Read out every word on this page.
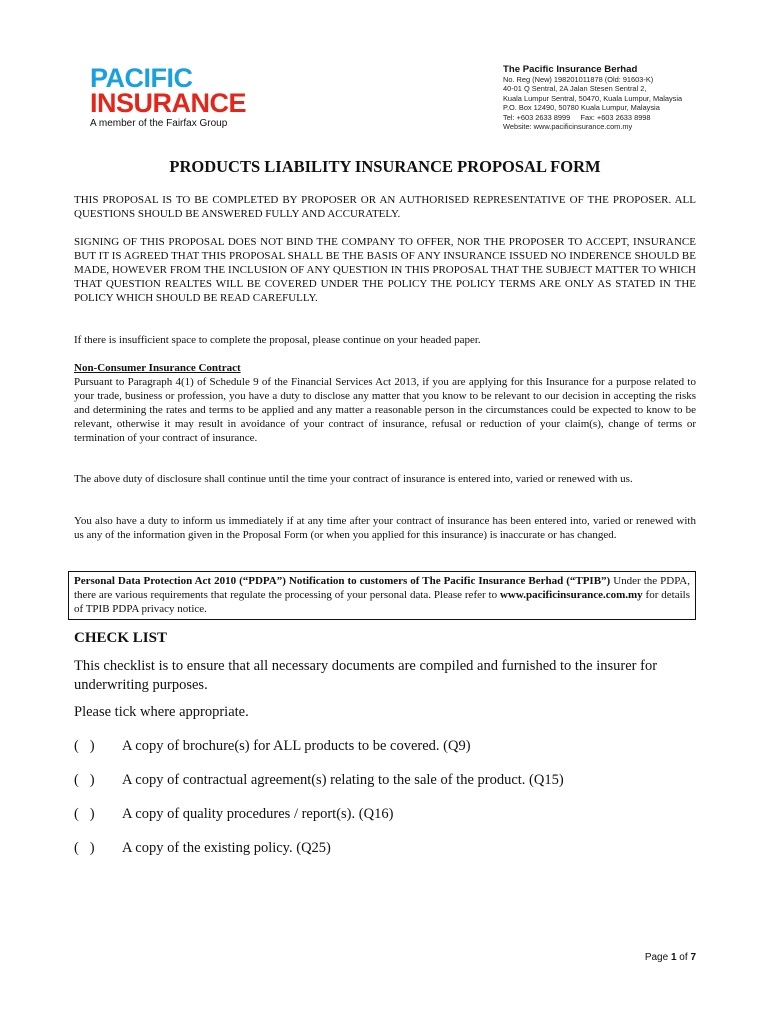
PACIFIC
INSURANCE
A member of the Fairfax Group
The Pacific Insurance Berhad
No. Reg (New) 198201011878 (Old: 91603-K)
40-01 Q Sentral, 2A Jalan Stesen Sentral 2,
Kuala Lumpur Sentral, 50470, Kuala Lumpur, Malaysia
P.O. Box 12490, 50780 Kuala Lumpur, Malaysia
Tel: +603 2633 8999     Fax: +603 2633 8998
Website: www.pacificinsurance.com.my
PRODUCTS LIABILITY INSURANCE PROPOSAL FORM
THIS PROPOSAL IS TO BE COMPLETED BY PROPOSER OR AN AUTHORISED REPRESENTATIVE OF THE PROPOSER. ALL QUESTIONS SHOULD BE ANSWERED FULLY AND ACCURATELY.
SIGNING OF THIS PROPOSAL DOES NOT BIND THE COMPANY TO OFFER, NOR THE PROPOSER TO ACCEPT, INSURANCE BUT IT IS AGREED THAT THIS PROPOSAL SHALL BE THE BASIS OF ANY INSURANCE ISSUED NO INDERENCE SHOULD BE MADE, HOWEVER FROM THE INCLUSION OF ANY QUESTION IN THIS PROPOSAL THAT THE SUBJECT MATTER TO WHICH THAT QUESTION REALTES WILL BE COVERED UNDER THE POLICY THE POLICY TERMS ARE ONLY AS STATED IN THE POLICY WHICH SHOULD BE READ CAREFULLY.
If there is insufficient space to complete the proposal, please continue on your headed paper.
Non-Consumer Insurance Contract
Pursuant to Paragraph 4(1) of Schedule 9 of the Financial Services Act 2013, if you are applying for this Insurance for a purpose related to your trade, business or profession, you have a duty to disclose any matter that you know to be relevant to our decision in accepting the risks and determining the rates and terms to be applied and any matter a reasonable person in the circumstances could be expected to know to be relevant, otherwise it may result in avoidance of your contract of insurance, refusal or reduction of your claim(s), change of terms or termination of your contract of insurance.
The above duty of disclosure shall continue until the time your contract of insurance is entered into, varied or renewed with us.
You also have a duty to inform us immediately if at any time after your contract of insurance has been entered into, varied or renewed with us any of the information given in the Proposal Form (or when you applied for this insurance) is inaccurate or has changed.
Personal Data Protection Act 2010 (“PDPA”) Notification to customers of The Pacific Insurance Berhad (“TPIB”) Under the PDPA, there are various requirements that regulate the processing of your personal data. Please refer to www.pacificinsurance.com.my for details of TPIB PDPA privacy notice.
CHECK LIST
This checklist is to ensure that all necessary documents are compiled and furnished to the insurer for underwriting purposes.
Please tick where appropriate.
(   )	A copy of brochure(s) for ALL products to be covered. (Q9)
(   )	A copy of contractual agreement(s) relating to the sale of the product. (Q15)
(   )	A copy of quality procedures / report(s). (Q16)
(   )	A copy of the existing policy. (Q25)
Page 1 of 7
